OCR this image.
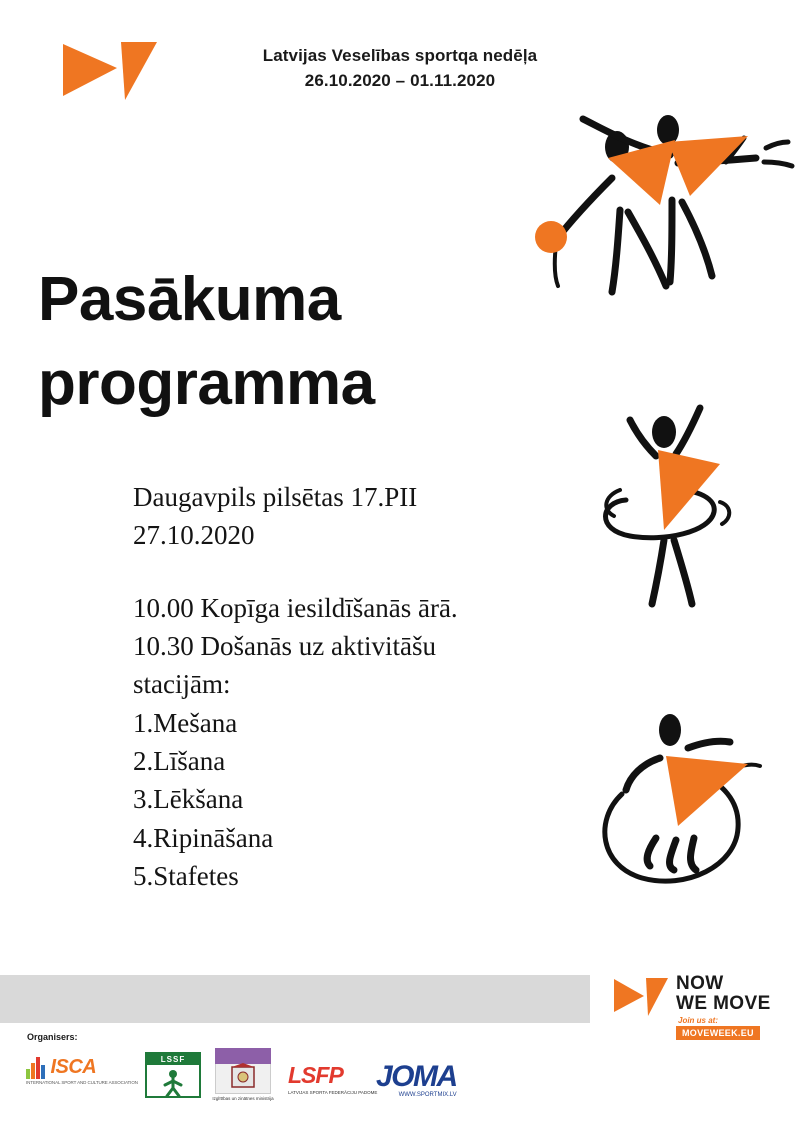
Latvijas Veselības sportqa nedēļa
26.10.2020 – 01.11.2020
Pasākuma
programma
Daugavpils pilsētas 17.PII
27.10.2020
10.00 Kopīga iesildīšanās ārā.
10.30 Došanās uz aktivitāšu
stacijām:
1.Mešana
2.Līšana
3.Lēkšana
4.Ripināšana
5.Stafetes
NOW
WE MOVE
Join us at:
MOVEWEEK.EU
Organisers:
ISCA
INTERNATIONAL SPORT AND CULTURE ASSOCIATION
LSSF
Izglītības un zinātnes ministrija
LSFP
LATVIJAS SPORTA FEDERĀCIJU PADOME
JOMA
WWW.SPORTMIX.LV
